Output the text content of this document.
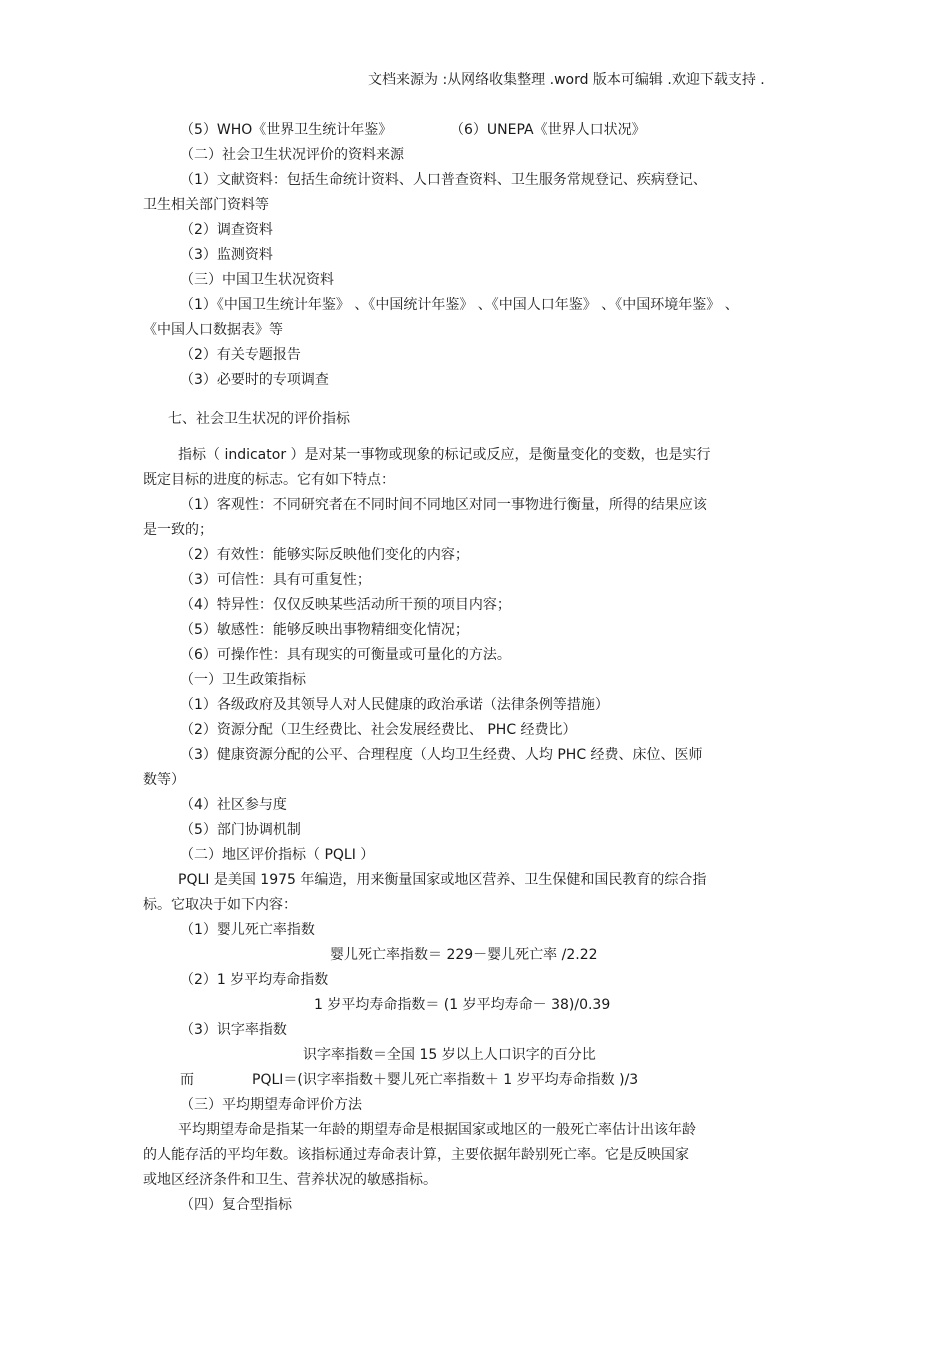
文档来源为 :从网络收集整理 .word 版本可编辑 .欢迎下载支持 .
（5）WHO《世界卫生统计年鉴》	（6）UNEPA《世界人口状况》
（二）社会卫生状况评价的资料来源
（1）文献资料：包括生命统计资料、人口普查资料、卫生服务常规登记、疾病登记、
卫生相关部门资料等
（2）调查资料
（3）监测资料
（三）中国卫生状况资料
（1）《中国卫生统计年鉴》 、《中国统计年鉴》 、《中国人口年鉴》 、《中国环境年鉴》 、
《中国人口数据表》等
（2）有关专题报告
（3）必要时的专项调查
七、社会卫生状况的评价指标
指标（ indicator ）是对某一事物或现象的标记或反应，是衡量变化的变数，也是实行
既定目标的进度的标志。它有如下特点：
（1）客观性：不同研究者在不同时间不同地区对同一事物进行衡量，所得的结果应该
是一致的；
（2）有效性：能够实际反映他们变化的内容；
（3）可信性：具有可重复性；
（4）特异性：仅仅反映某些活动所干预的项目内容；
（5）敏感性：能够反映出事物精细变化情况；
（6）可操作性：具有现实的可衡量或可量化的方法。
（一）卫生政策指标
（1）各级政府及其领导人对人民健康的政治承诺（法律条例等措施）
（2）资源分配（卫生经费比、社会发展经费比、 PHC 经费比）
（3）健康资源分配的公平、合理程度（人均卫生经费、人均 PHC 经费、床位、医师
数等）
（4）社区参与度
（5）部门协调机制
（二）地区评价指标（ PQLI ）
PQLI 是美国 1975 年编造，用来衡量国家或地区营养、卫生保健和国民教育的综合指
标。它取决于如下内容：
（1）婴儿死亡率指数
婴儿死亡率指数＝ 229－婴儿死亡率 /2.22
（2）1 岁平均寿命指数
1 岁平均寿命指数＝ (1 岁平均寿命－ 38)/0.39
（3）识字率指数
识字率指数＝全国 15 岁以上人口识字的百分比
而	PQLI＝(识字率指数＋婴儿死亡率指数＋ 1 岁平均寿命指数 )/3
（三）平均期望寿命评价方法
平均期望寿命是指某一年龄的期望寿命是根据国家或地区的一般死亡率估计出该年龄
的人能存活的平均年数。该指标通过寿命表计算，主要依据年龄别死亡率。它是反映国家
或地区经济条件和卫生、营养状况的敏感指标。
（四）复合型指标
